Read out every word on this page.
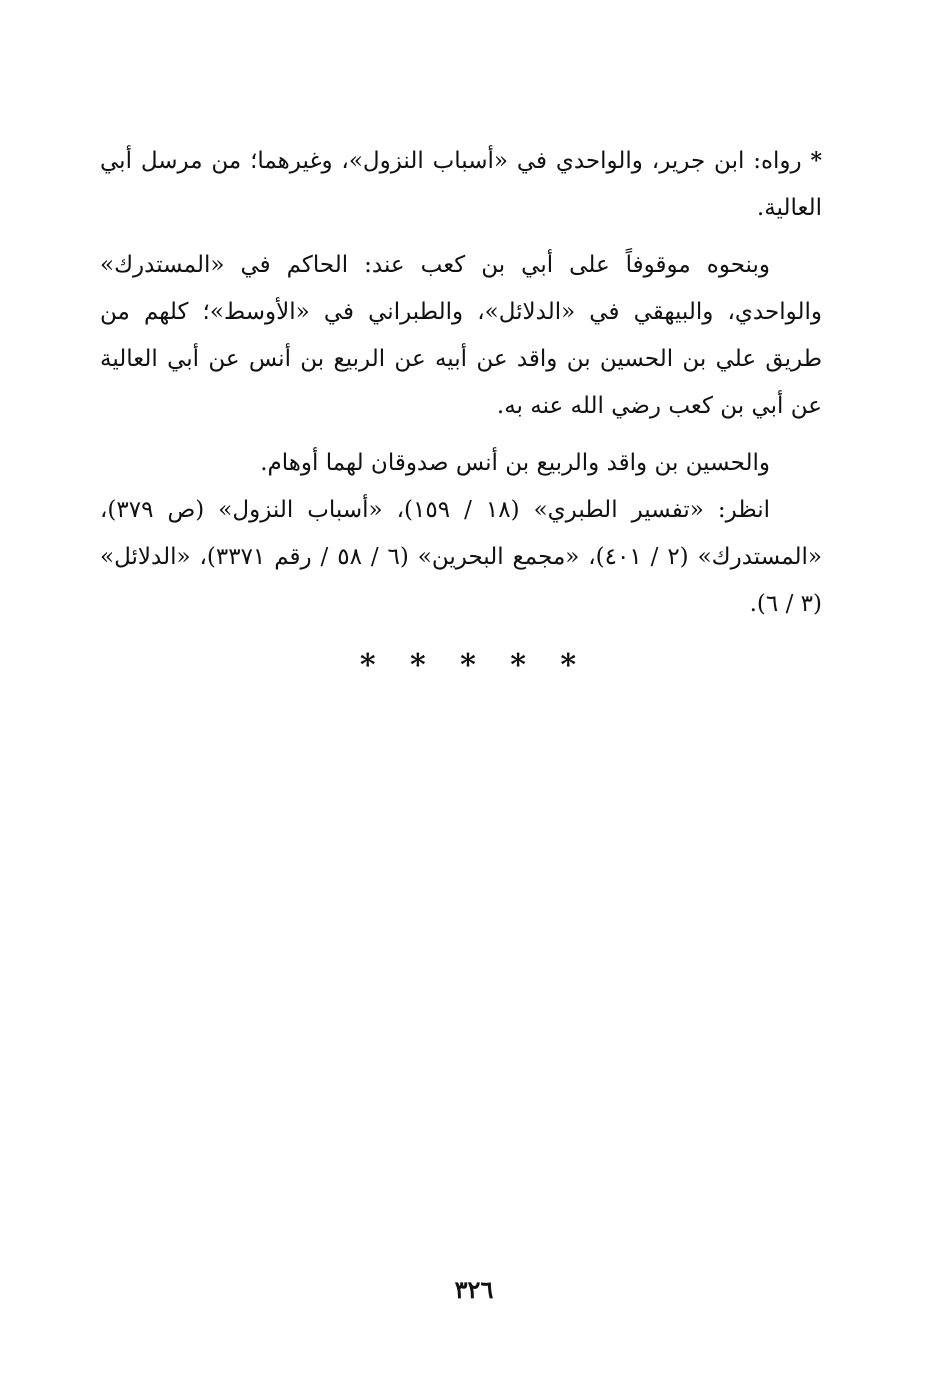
* رواه: ابن جرير، والواحدي في «أسباب النزول»، وغيرهما؛ من مرسل أبي العالية.

وبنحوه موقوفاً على أبي بن كعب عند: الحاكم في «المستدرك» والواحدي، والبيهقي في «الدلائل»، والطبراني في «الأوسط»؛ كلهم من طريق علي بن الحسين بن واقد عن أبيه عن الربيع بن أنس عن أبي العالية عن أبي بن كعب رضي الله عنه به.

والحسين بن واقد والربيع بن أنس صدوقان لهما أوهام.

انظر: «تفسير الطبري» (١٨ / ١٥٩)، «أسباب النزول» (ص ٣٧٩)، «المستدرك» (٢ / ٤٠١)، «مجمع البحرين» (٦ / ٥٨ / رقم ٣٣٧١)، «الدلائل» (٣ / ٦).

* * * * *
٣٢٦
